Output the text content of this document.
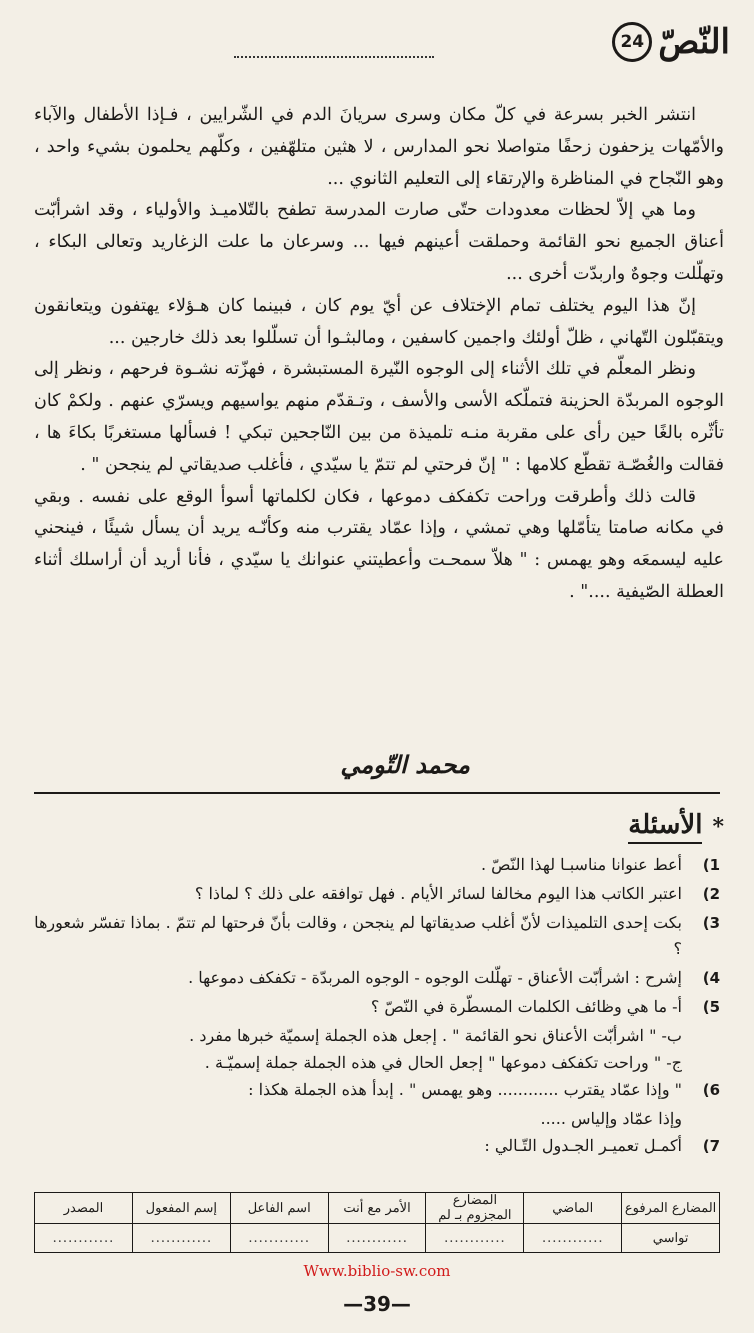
النّصّ
24

انتشر الخبر بسرعة في كلّ مكان وسرى سريانَ الدم في الشّرايين ، فـإذا الأطفال والآباء والأمّهات يزحفون زحفًا متواصلا نحو المدارس ، لا هثين متلهّفين ، وكلّهم يحلمون بشيء واحد ، وهو النّجاح في المناظرة والإرتقاء إلى التعليم الثانوي ...

وما هي إلاّ لحظات معدودات حتّى صارت المدرسة تطفح بالتّلاميـذ والأولياء ، وقد اشرأبّت أعناق الجميع نحو القائمة وحملقت أعينهم فيها ... وسرعان ما علت الزغاريد وتعالى البكاء ، وتهلّلت وجوهٌ واربدّت أخرى ...

إنّ هذا اليوم يختلف تمام الإختلاف عن أيّ يوم كان ، فبينما كان هـؤلاء يهتفون ويتعانقون ويتقبّلون التّهاني ، ظلّ أولئك واجمين كاسفين ، ومالبثـوا أن تسلّلوا بعد ذلك خارجين ...

ونظر المعلّم في تلك الأثناء إلى الوجوه النّيرة المستبشرة ، فهزّته نشـوة فرحهم ، ونظر إلى الوجوه المربدّة الحزينة فتملّكه الأسى والأسف ، وتـقدّم منهم يواسيهم ويسرّي عنهم . ولكمْ كان تأثّره بالغًا حين رأى على مقربة منـه تلميذة من بين النّاجحين تبكي ! فسألها مستغربًا بكاءَ ها ، فقالت والغُصّـة تقطّع كلامها : " إنّ فرحتي لم تتمّ يا سيّدي ، فأغلب صديقاتي لم ينجحن " .

قالت ذلك وأطرقت وراحت تكفكف دموعها ، فكان لكلماتها أسوأ الوقع على نفسه . وبقي في مكانه صامتا يتأمّلها وهي تمشي ، وإذا عمّاد يقترب منه وكأنّـه يريد أن يسأل شيئًا ، فينحني عليه ليسمعَه وهو يهمس : " هلاّ سمحـت وأعطيتني عنوانك يا سيّدي ، فأنا أريد أن أراسلك أثناء العطلة الصّيفية ...." .

محمد التّومي
*
الأسئلة
1)
أعط عنوانا مناسبـا لهذا النّصّ .
2)
اعتبر الكاتب هذا اليوم مخالفا لسائر الأيام . فهل توافقه على ذلك ؟ لماذا ؟
3)
بكت إحدى التلميذات لأنّ أغلب صديقاتها لم ينجحن ، وقالت بأنّ فرحتها لم تتمّ . بماذا تفسّر شعورها ؟
4)
إشرح : اشرأبّت الأعناق - تهلّلت الوجوه - الوجوه المربدّة - تكفكف دموعها .
5)
أ- ما هي وظائف الكلمات المسطّرة في النّصّ ؟
ب- " اشرأبّت الأعناق نحو القائمة " . إجعل هذه الجملة إسميّة خبرها مفرد .
ج- " وراحت تكفكف دموعها " إجعل الحال في هذه الجملة جملة إسميّـة .
6)
" وإذا عمّاد يقترب ............ وهو يهمس " . إبدأ هذه الجملة هكذا :
وإذا عمّاد وإلياس .....
7)
أكمـل تعميـر الجـدول التّـالي :
المضارع المرفوع	الماضي	المضارع المجزوم بـ لم	الأمر مع أنت	اسم الفاعل	إسم المفعول	المصدر
تواسي	............	............	............	............	............	............
Www.biblio-sw.com
—39—
